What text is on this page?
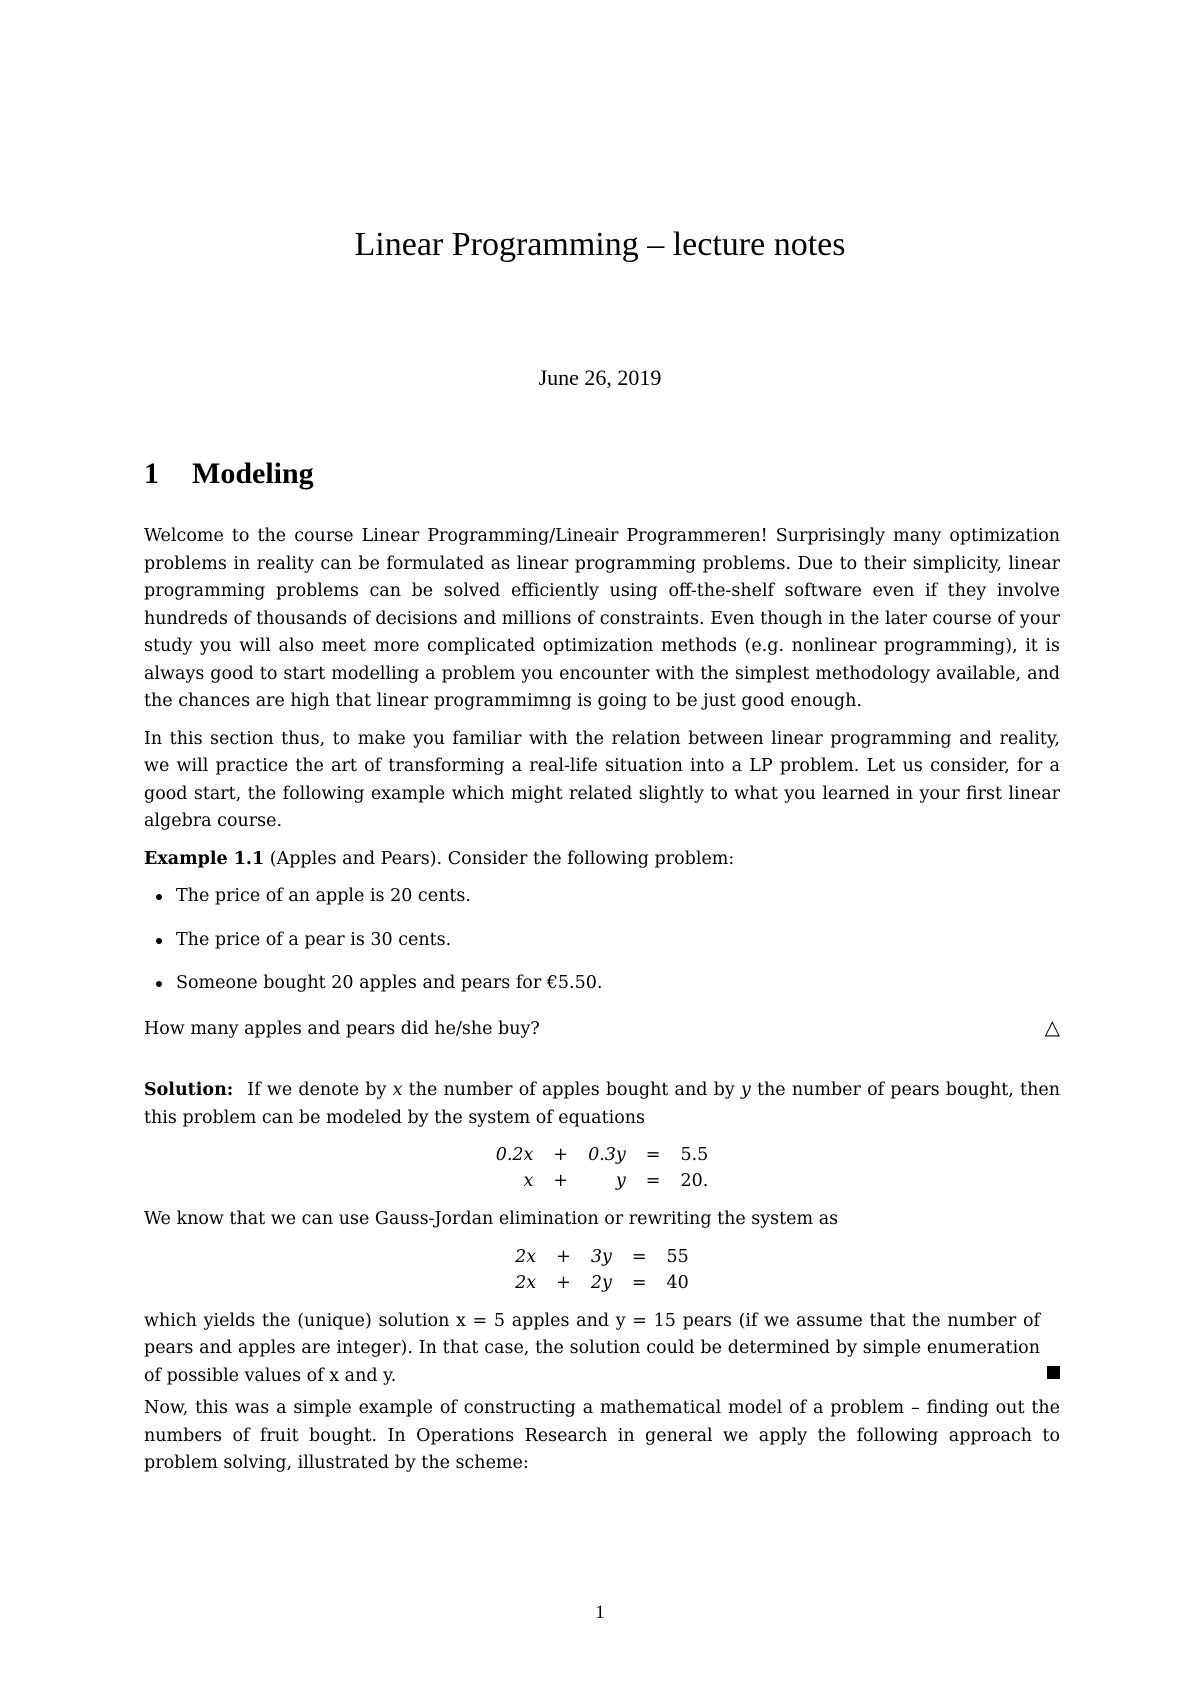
Linear Programming – lecture notes
June 26, 2019
1 Modeling

Welcome to the course Linear Programming/Lineair Programmeren! Surprisingly many optimization problems in reality can be formulated as linear programming problems. Due to their simplicity, linear programming problems can be solved efficiently using off-the-shelf software even if they involve hundreds of thousands of decisions and millions of constraints. Even though in the later course of your study you will also meet more complicated optimization methods (e.g. nonlinear programming), it is always good to start modelling a problem you encounter with the simplest methodology available, and the chances are high that linear programmimng is going to be just good enough.

In this section thus, to make you familiar with the relation between linear programming and reality, we will practice the art of transforming a real-life situation into a LP problem. Let us consider, for a good start, the following example which might related slightly to what you learned in your first linear algebra course.

Example 1.1 (Apples and Pears). Consider the following problem:
The price of an apple is 20 cents.
The price of a pear is 30 cents.
Someone bought 20 apples and pears for €5.50.
How many apples and pears did he/she buy?	△

Solution: If we denote by x the number of apples bought and by y the number of pears bought, then this problem can be modeled by the system of equations

0.2x	+	0.3y	=	5.5
x	+	y	=	20.

We know that we can use Gauss-Jordan elimination or rewriting the system as

2x	+	3y	=	55
2x	+	2y	=	40

which yields the (unique) solution x = 5 apples and y = 15 pears (if we assume that the number of pears and apples are integer). In that case, the solution could be determined by simple enumeration of possible values of x and y.

Now, this was a simple example of constructing a mathematical model of a problem – finding out the numbers of fruit bought. In Operations Research in general we apply the following approach to problem solving, illustrated by the scheme:

1
